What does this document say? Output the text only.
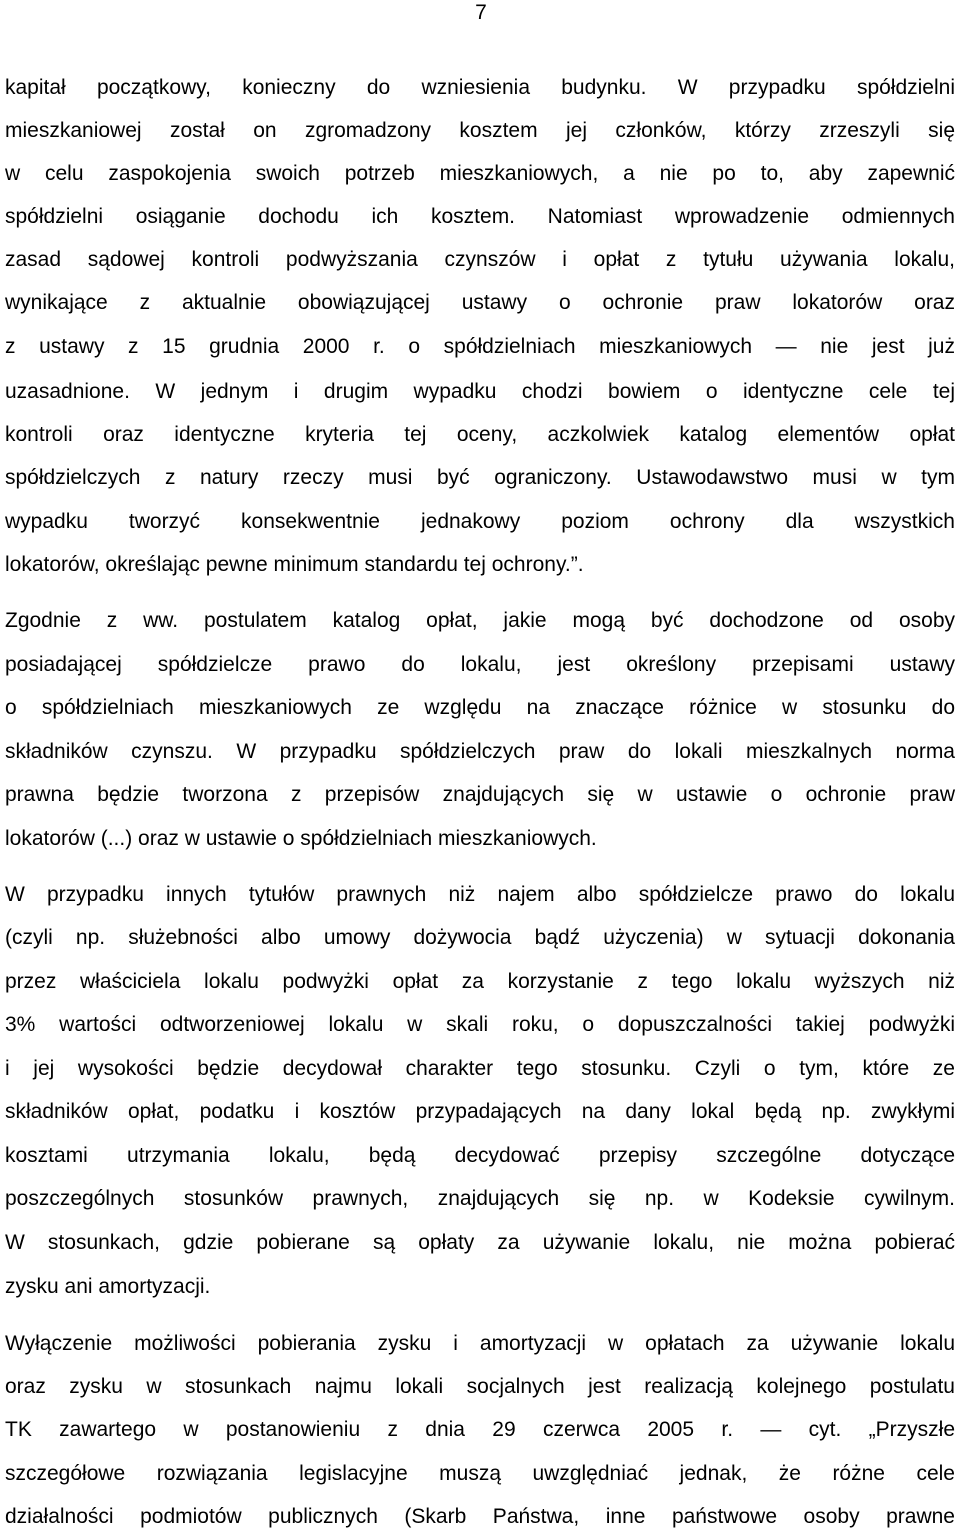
7
kapitał początkowy, konieczny do wzniesienia budynku. W przypadku spółdzielni
mieszkaniowej został on zgromadzony kosztem jej członków, którzy zrzeszyli się
w celu zaspokojenia swoich potrzeb mieszkaniowych, a nie po to, aby zapewnić
spółdzielni osiąganie dochodu ich kosztem. Natomiast wprowadzenie odmiennych
zasad sądowej kontroli podwyższania czynszów i opłat z tytułu używania lokalu,
wynikające z aktualnie obowiązującej ustawy o ochronie praw lokatorów oraz
z ustawy z 15 grudnia 2000 r. o spółdzielniach mieszkaniowych ― nie jest już
uzasadnione. W jednym i drugim wypadku chodzi bowiem o identyczne cele tej
kontroli oraz identyczne kryteria tej oceny, aczkolwiek katalog elementów opłat
spółdzielczych z natury rzeczy musi być ograniczony. Ustawodawstwo musi w tym
wypadku tworzyć konsekwentnie jednakowy poziom ochrony dla wszystkich
lokatorów, określając pewne minimum standardu tej ochrony.”.
Zgodnie z ww. postulatem katalog opłat, jakie mogą być dochodzone od osoby
posiadającej spółdzielcze prawo do lokalu, jest określony przepisami ustawy
o spółdzielniach mieszkaniowych ze względu na znaczące różnice w stosunku do
składników czynszu. W przypadku spółdzielczych praw do lokali mieszkalnych norma
prawna będzie tworzona z przepisów znajdujących się w ustawie o ochronie praw
lokatorów (...) oraz w ustawie o spółdzielniach mieszkaniowych.
W przypadku innych tytułów prawnych niż najem albo spółdzielcze prawo do lokalu
(czyli np. służebności albo umowy dożywocia bądź użyczenia) w sytuacji dokonania
przez właściciela lokalu podwyżki opłat za korzystanie z tego lokalu wyższych niż
3% wartości odtworzeniowej lokalu w skali roku, o dopuszczalności takiej podwyżki
i jej wysokości będzie decydował charakter tego stosunku. Czyli o tym, które ze
składników opłat, podatku i kosztów przypadających na dany lokal będą np. zwykłymi
kosztami utrzymania lokalu, będą decydować przepisy szczególne dotyczące
poszczególnych stosunków prawnych, znajdujących się np. w Kodeksie cywilnym.
W stosunkach, gdzie pobierane są opłaty za używanie lokalu, nie można pobierać
zysku ani amortyzacji.
Wyłączenie możliwości pobierania zysku i amortyzacji w opłatach za używanie lokalu
oraz zysku w stosunkach najmu lokali socjalnych jest realizacją kolejnego postulatu
TK zawartego w postanowieniu z dnia 29 czerwca 2005 r. ― cyt. „Przyszłe
szczegółowe rozwiązania legislacyjne muszą uwzględniać jednak, że różne cele
działalności podmiotów publicznych (Skarb Państwa, inne państwowe osoby prawne
